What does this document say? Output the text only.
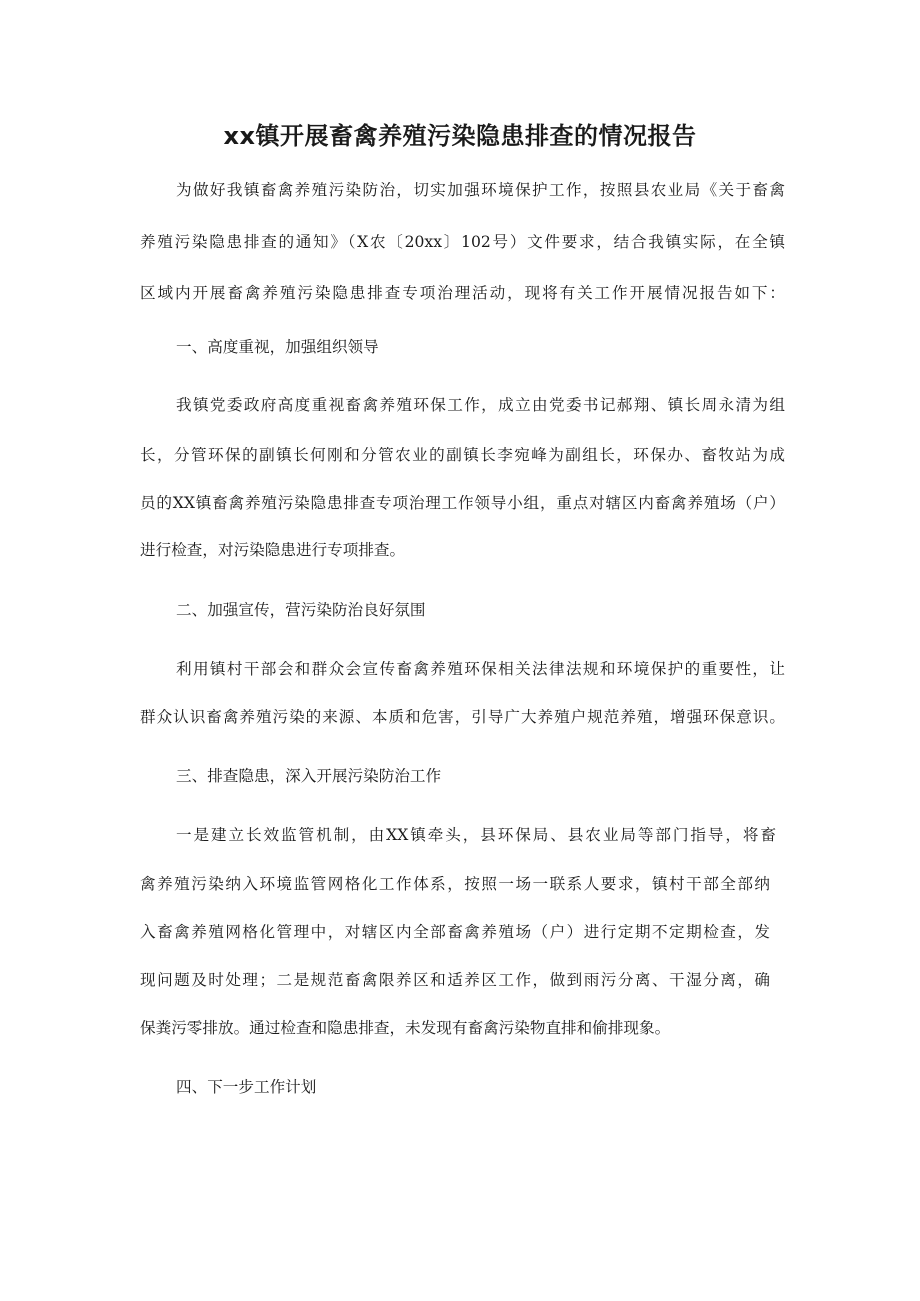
xx镇开展畜禽养殖污染隐患排查的情况报告
为做好我镇畜禽养殖污染防治，切实加强环境保护工作，按照县农业局《关于畜禽
养殖污染隐患排查的通知》（X农〔20xx〕102号）文件要求，结合我镇实际，在全镇
区域内开展畜禽养殖污染隐患排查专项治理活动，现将有关工作开展情况报告如下：
一、高度重视，加强组织领导
我镇党委政府高度重视畜禽养殖环保工作，成立由党委书记郝翔、镇长周永清为组
长，分管环保的副镇长何刚和分管农业的副镇长李宛峰为副组长，环保办、畜牧站为成
员的XX镇畜禽养殖污染隐患排查专项治理工作领导小组，重点对辖区内畜禽养殖场（户）
进行检查，对污染隐患进行专项排查。
二、加强宣传，营污染防治良好氛围
利用镇村干部会和群众会宣传畜禽养殖环保相关法律法规和环境保护的重要性，让
群众认识畜禽养殖污染的来源、本质和危害，引导广大养殖户规范养殖，增强环保意识。
三、排查隐患，深入开展污染防治工作
一是建立长效监管机制，由XX镇牵头，县环保局、县农业局等部门指导，将畜
禽养殖污染纳入环境监管网格化工作体系，按照一场一联系人要求，镇村干部全部纳
入畜禽养殖网格化管理中，对辖区内全部畜禽养殖场（户）进行定期不定期检查，发
现问题及时处理；二是规范畜禽限养区和适养区工作，做到雨污分离、干湿分离，确
保粪污零排放。通过检查和隐患排查，未发现有畜禽污染物直排和偷排现象。
四、下一步工作计划
